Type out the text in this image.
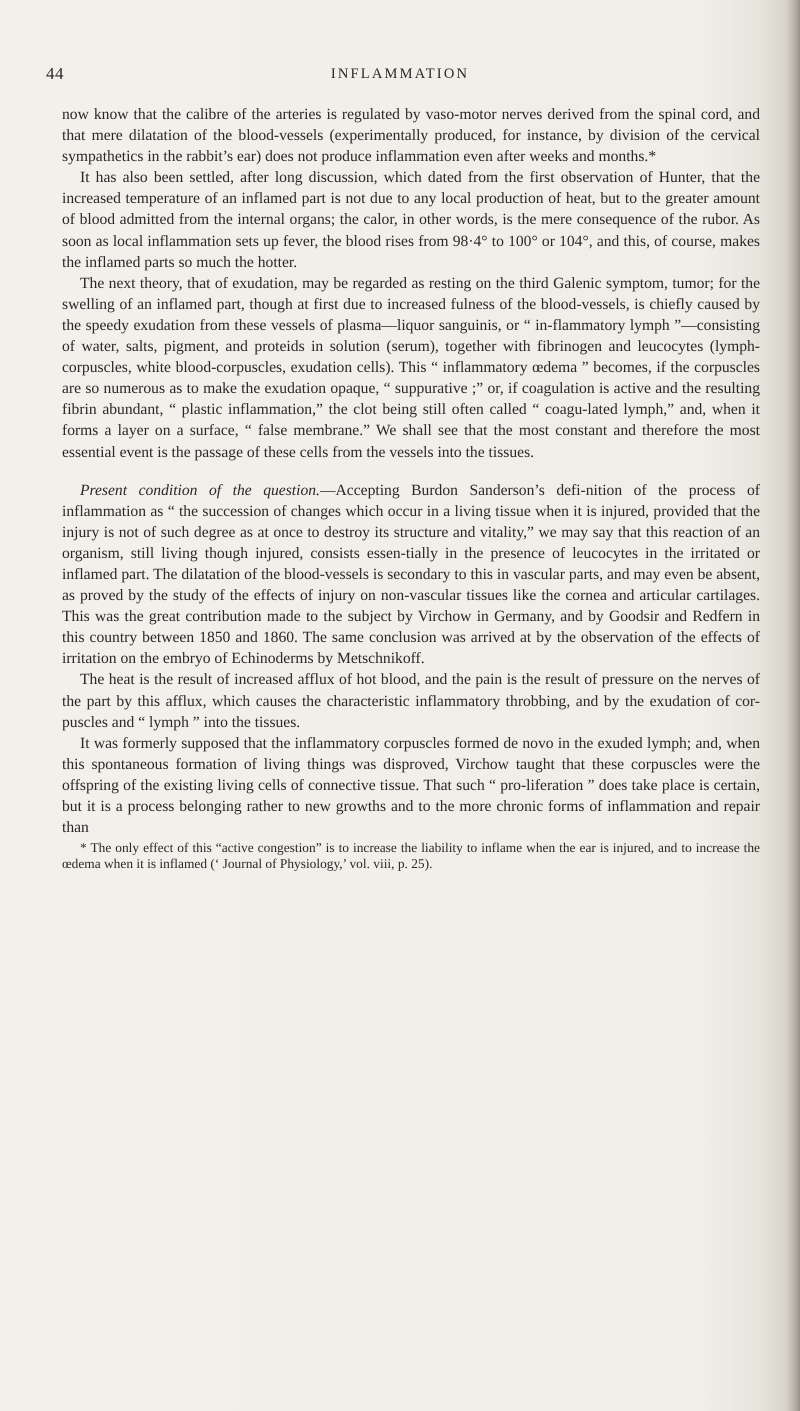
44	INFLAMMATION

now know that the calibre of the arteries is regulated by vaso-motor nerves derived from the spinal cord, and that mere dilatation of the blood-vessels (experimentally produced, for instance, by division of the cervical sympathetics in the rabbit’s ear) does not produce inflammation even after weeks and months.*

It has also been settled, after long discussion, which dated from the first observation of Hunter, that the increased temperature of an inflamed part is not due to any local production of heat, but to the greater amount of blood admitted from the internal organs; the calor, in other words, is the mere consequence of the rubor. As soon as local inflammation sets up fever, the blood rises from 98·4° to 100° or 104°, and this, of course, makes the inflamed parts so much the hotter.

The next theory, that of exudation, may be regarded as resting on the third Galenic symptom, tumor; for the swelling of an inflamed part, though at first due to increased fulness of the blood-vessels, is chiefly caused by the speedy exudation from these vessels of plasma—liquor sanguinis, or “ in-flammatory lymph ”—consisting of water, salts, pigment, and proteids in solution (serum), together with fibrinogen and leucocytes (lymph-corpuscles, white blood-corpuscles, exudation cells). This “ inflammatory œdema ” becomes, if the corpuscles are so numerous as to make the exudation opaque, “ suppurative ;” or, if coagulation is active and the resulting fibrin abundant, “ plastic inflammation,” the clot being still often called “ coagu-lated lymph,” and, when it forms a layer on a surface, “ false membrane.” We shall see that the most constant and therefore the most essential event is the passage of these cells from the vessels into the tissues.

Present condition of the question.—Accepting Burdon Sanderson’s defi-nition of the process of inflammation as “ the succession of changes which occur in a living tissue when it is injured, provided that the injury is not of such degree as at once to destroy its structure and vitality,” we may say that this reaction of an organism, still living though injured, consists essen-tially in the presence of leucocytes in the irritated or inflamed part. The dilatation of the blood-vessels is secondary to this in vascular parts, and may even be absent, as proved by the study of the effects of injury on non-vascular tissues like the cornea and articular cartilages. This was the great contribution made to the subject by Virchow in Germany, and by Goodsir and Redfern in this country between 1850 and 1860. The same conclusion was arrived at by the observation of the effects of irritation on the embryo of Echinoderms by Metschnikoff.

The heat is the result of increased afflux of hot blood, and the pain is the result of pressure on the nerves of the part by this afflux, which causes the characteristic inflammatory throbbing, and by the exudation of cor-puscles and “ lymph ” into the tissues.

It was formerly supposed that the inflammatory corpuscles formed de novo in the exuded lymph; and, when this spontaneous formation of living things was disproved, Virchow taught that these corpuscles were the offspring of the existing living cells of connective tissue. That such “ pro-liferation ” does take place is certain, but it is a process belonging rather to new growths and to the more chronic forms of inflammation and repair than

* The only effect of this “active congestion” is to increase the liability to inflame when the ear is injured, and to increase the œdema when it is inflamed (‘ Journal of Physiology,’ vol. viii, p. 25).
